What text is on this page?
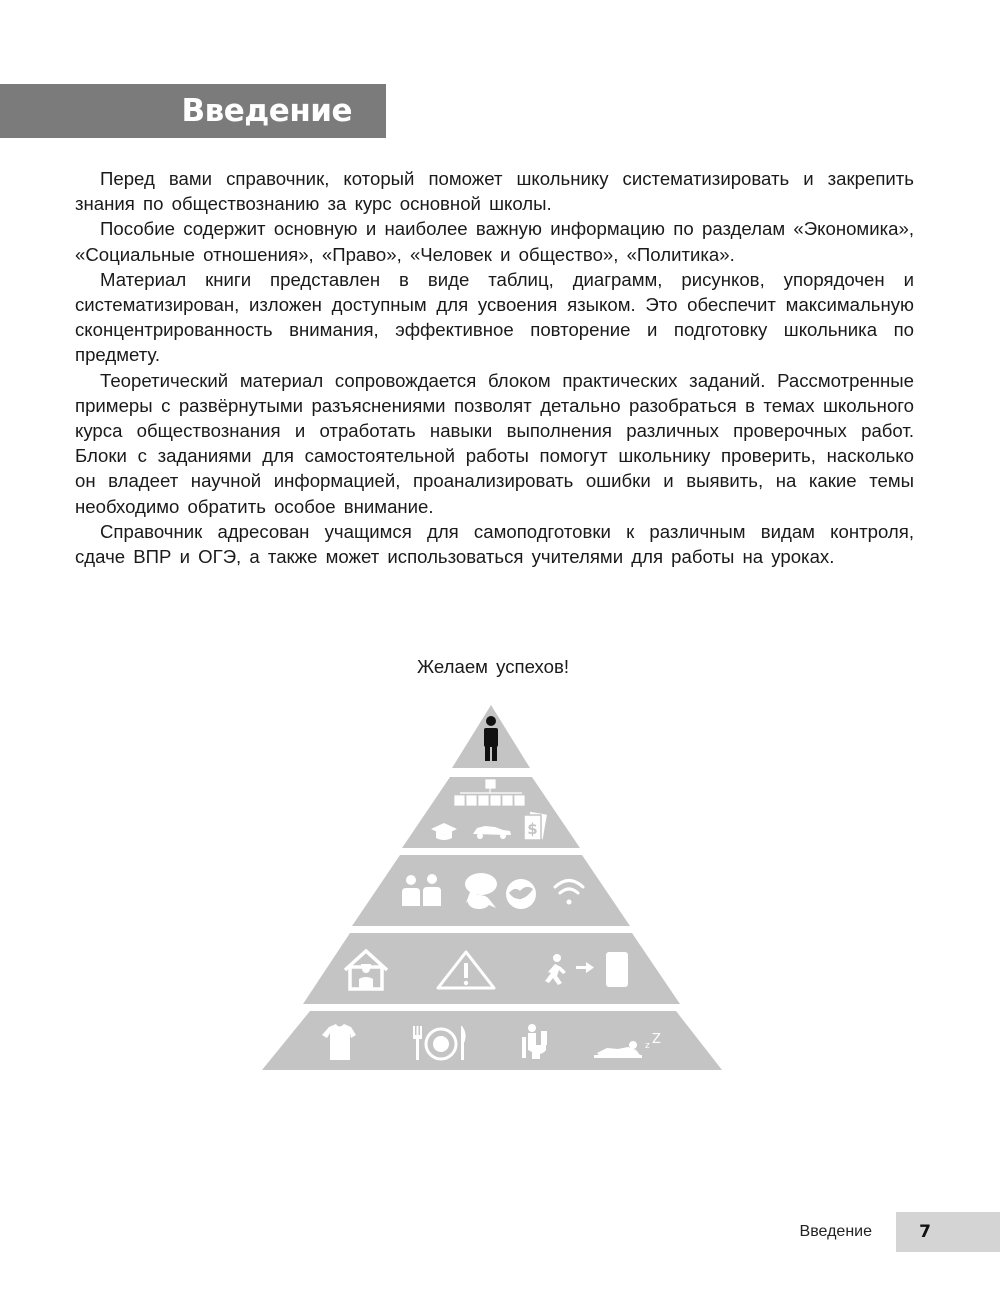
Введение

Перед вами справочник, который поможет школьнику систематизировать и закрепить знания по обществознанию за курс основной школы.

Пособие содержит основную и наиболее важную информацию по разделам «Экономика», «Социальные отношения», «Право», «Человек и общество», «Политика».

Материал книги представлен в виде таблиц, диаграмм, рисунков, упорядочен и систематизирован, изложен доступным для усвоения языком. Это обеспечит максимальную сконцентрированность внимания, эффективное повторение и подготовку школьника по предмету.

Теоретический материал сопровождается блоком практических заданий. Рассмотренные примеры с развёрнутыми разъяснениями позволят детально разобраться в темах школьного курса обществознания и отработать навыки выполнения различных проверочных работ. Блоки с заданиями для самостоятельной работы помогут школьнику проверить, насколько он владеет научной информацией, проанализировать ошибки и выявить, на какие темы необходимо обратить особое внимание.

Справочник адресован учащимся для самоподготовки к различным видам контроля, сдаче ВПР и ОГЭ, а также может использоваться учителями для работы на уроках.

Желаем успехов!
$
z Z
Введение	7
